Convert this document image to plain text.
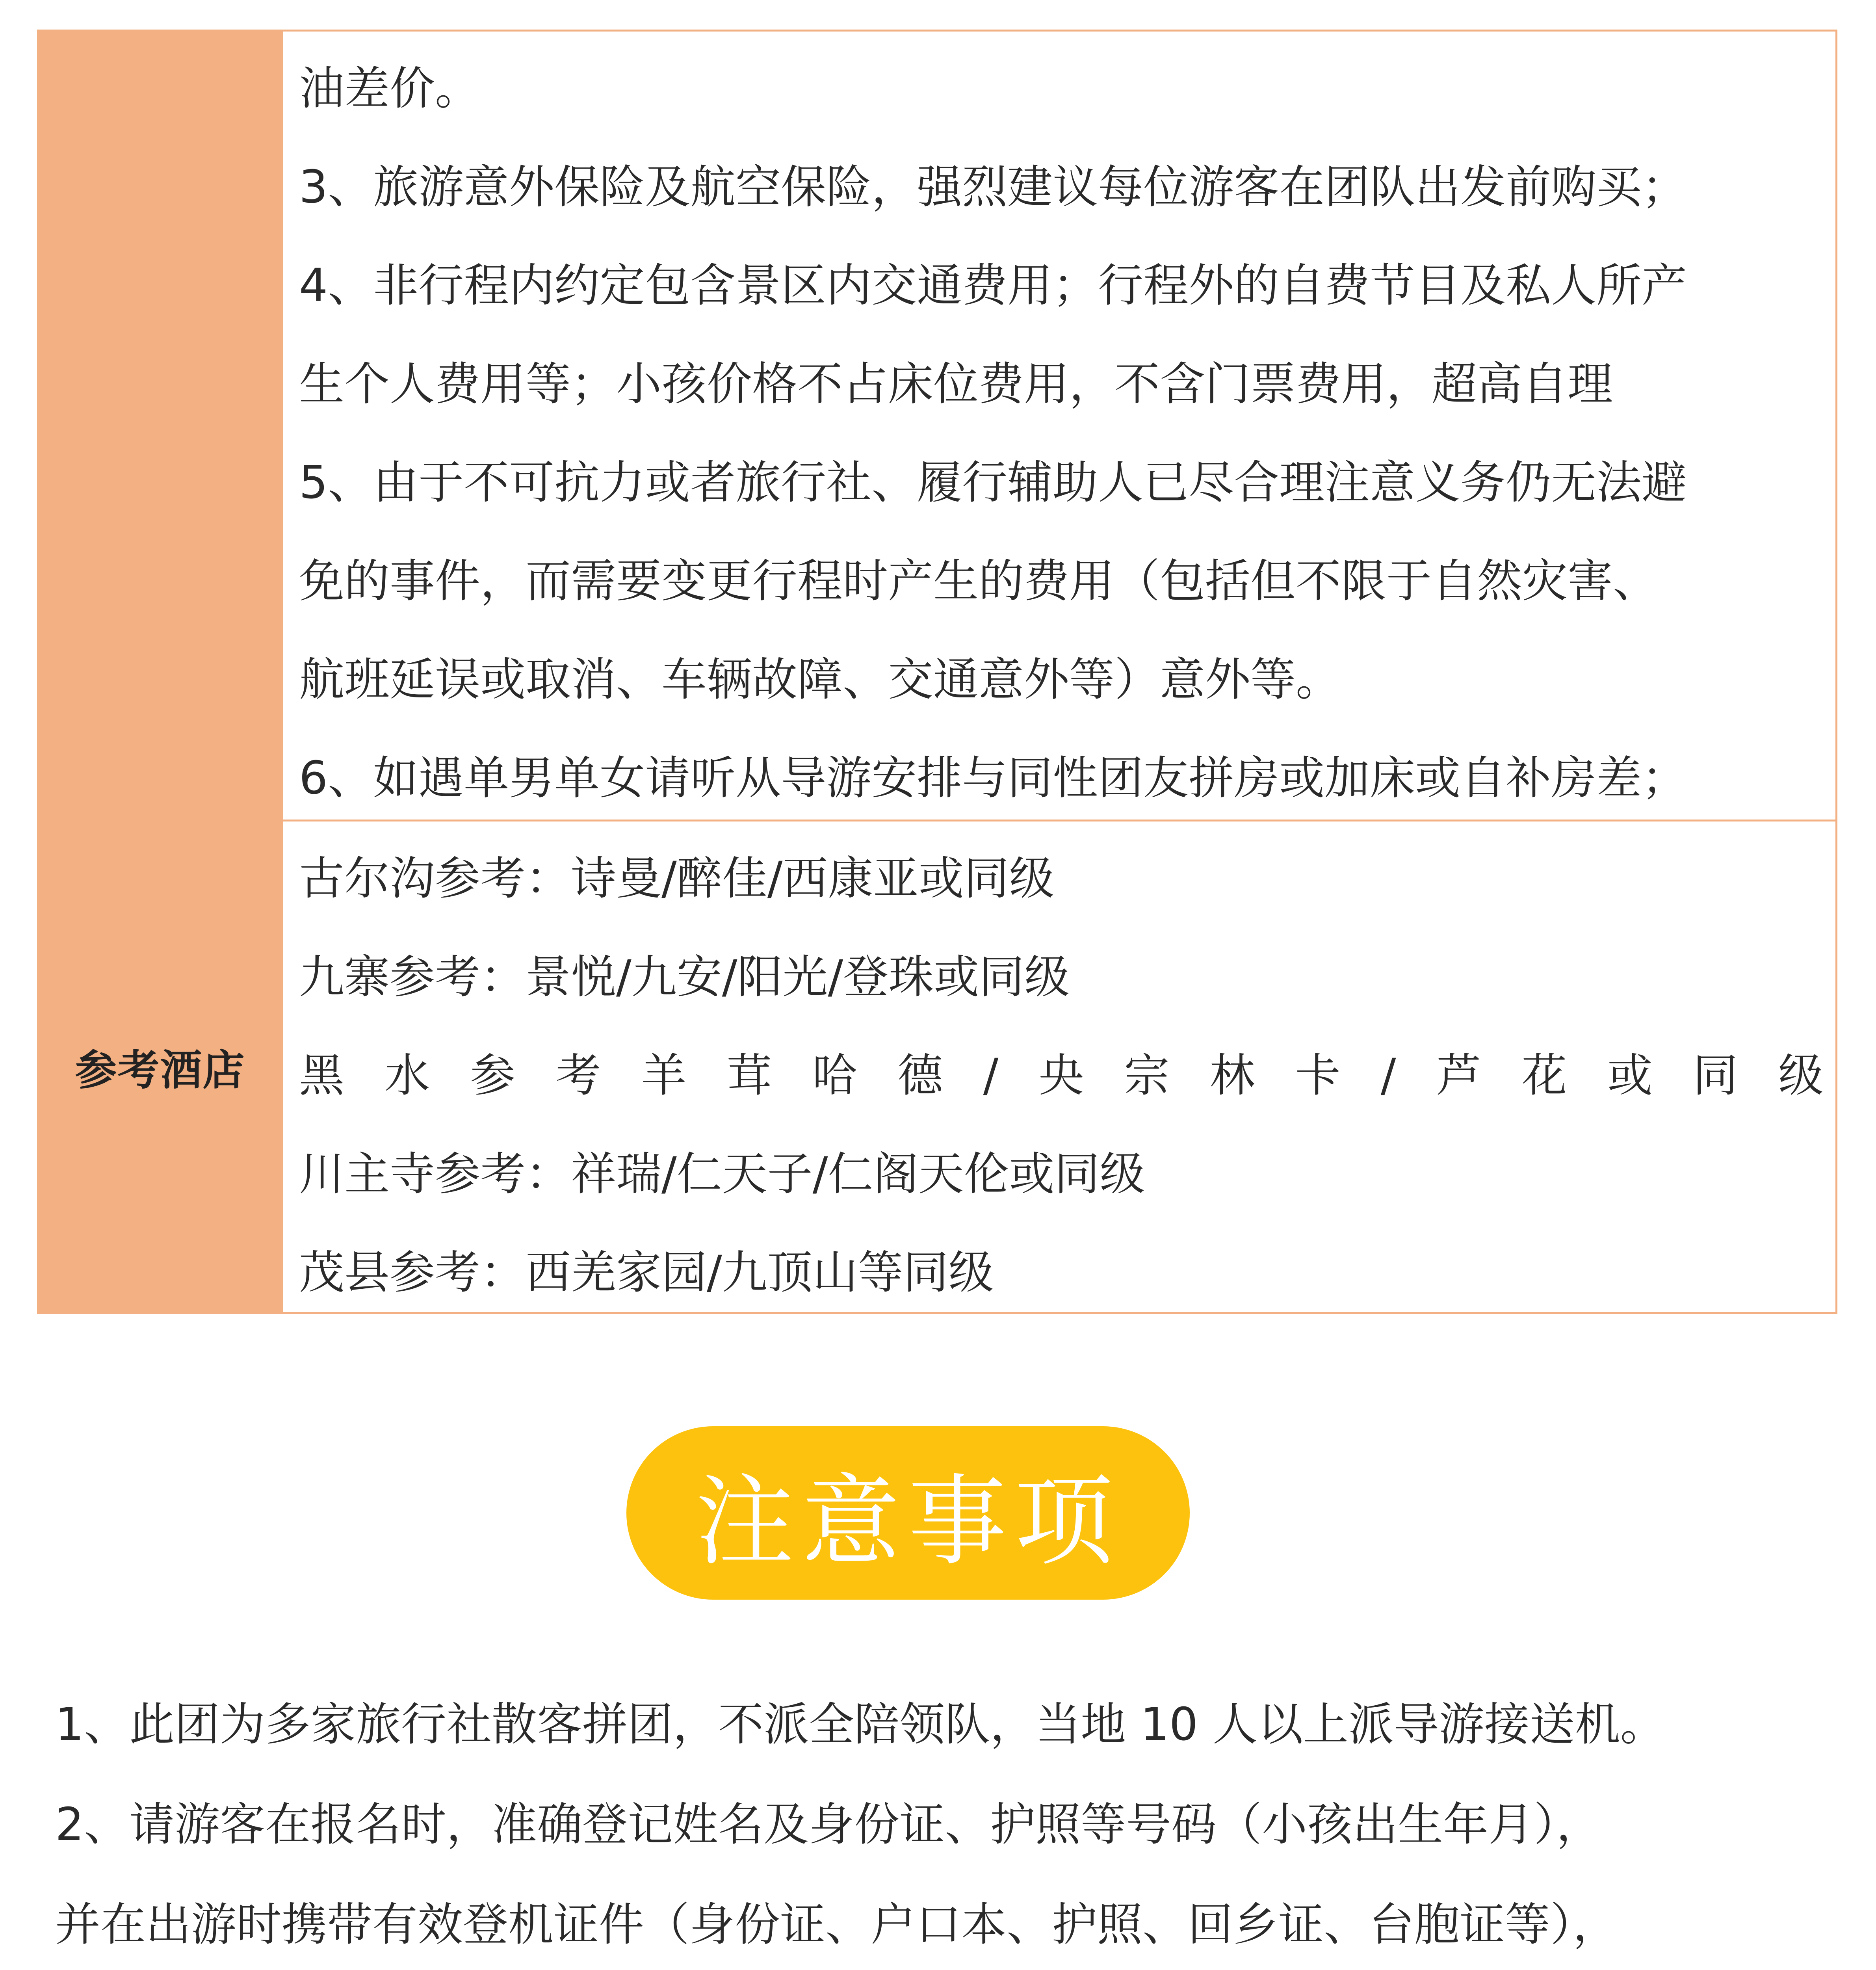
油差价。
3、旅游意外保险及航空保险，强烈建议每位游客在团队出发前购买；
4、非行程内约定包含景区内交通费用；行程外的自费节目及私人所产
生个人费用等；小孩价格不占床位费用，不含门票费用，超高自理
5、由于不可抗力或者旅行社、履行辅助人已尽合理注意义务仍无法避
免的事件，而需要变更行程时产生的费用（包括但不限于自然灾害、
航班延误或取消、车辆故障、交通意外等）意外等。
6、如遇单男单女请听从导游安排与同性团友拼房或加床或自补房差；
参考酒店
古尔沟参考：诗曼/醉佳/西康亚或同级
九寨参考：景悦/九安/阳光/登珠或同级
黑 水 参 考 羊 茸 哈 德 / 央 宗 林 卡 / 芦 花 或 同 级
川主寺参考：祥瑞/仁天子/仁阁天伦或同级
茂县参考：西羌家园/九顶山等同级
注意事项
1、此团为多家旅行社散客拼团，不派全陪领队，当地 10 人以上派导游接送机。
2、请游客在报名时，准确登记姓名及身份证、护照等号码（小孩出生年月），
并在出游时携带有效登机证件（身份证、户口本、护照、回乡证、台胞证等），
